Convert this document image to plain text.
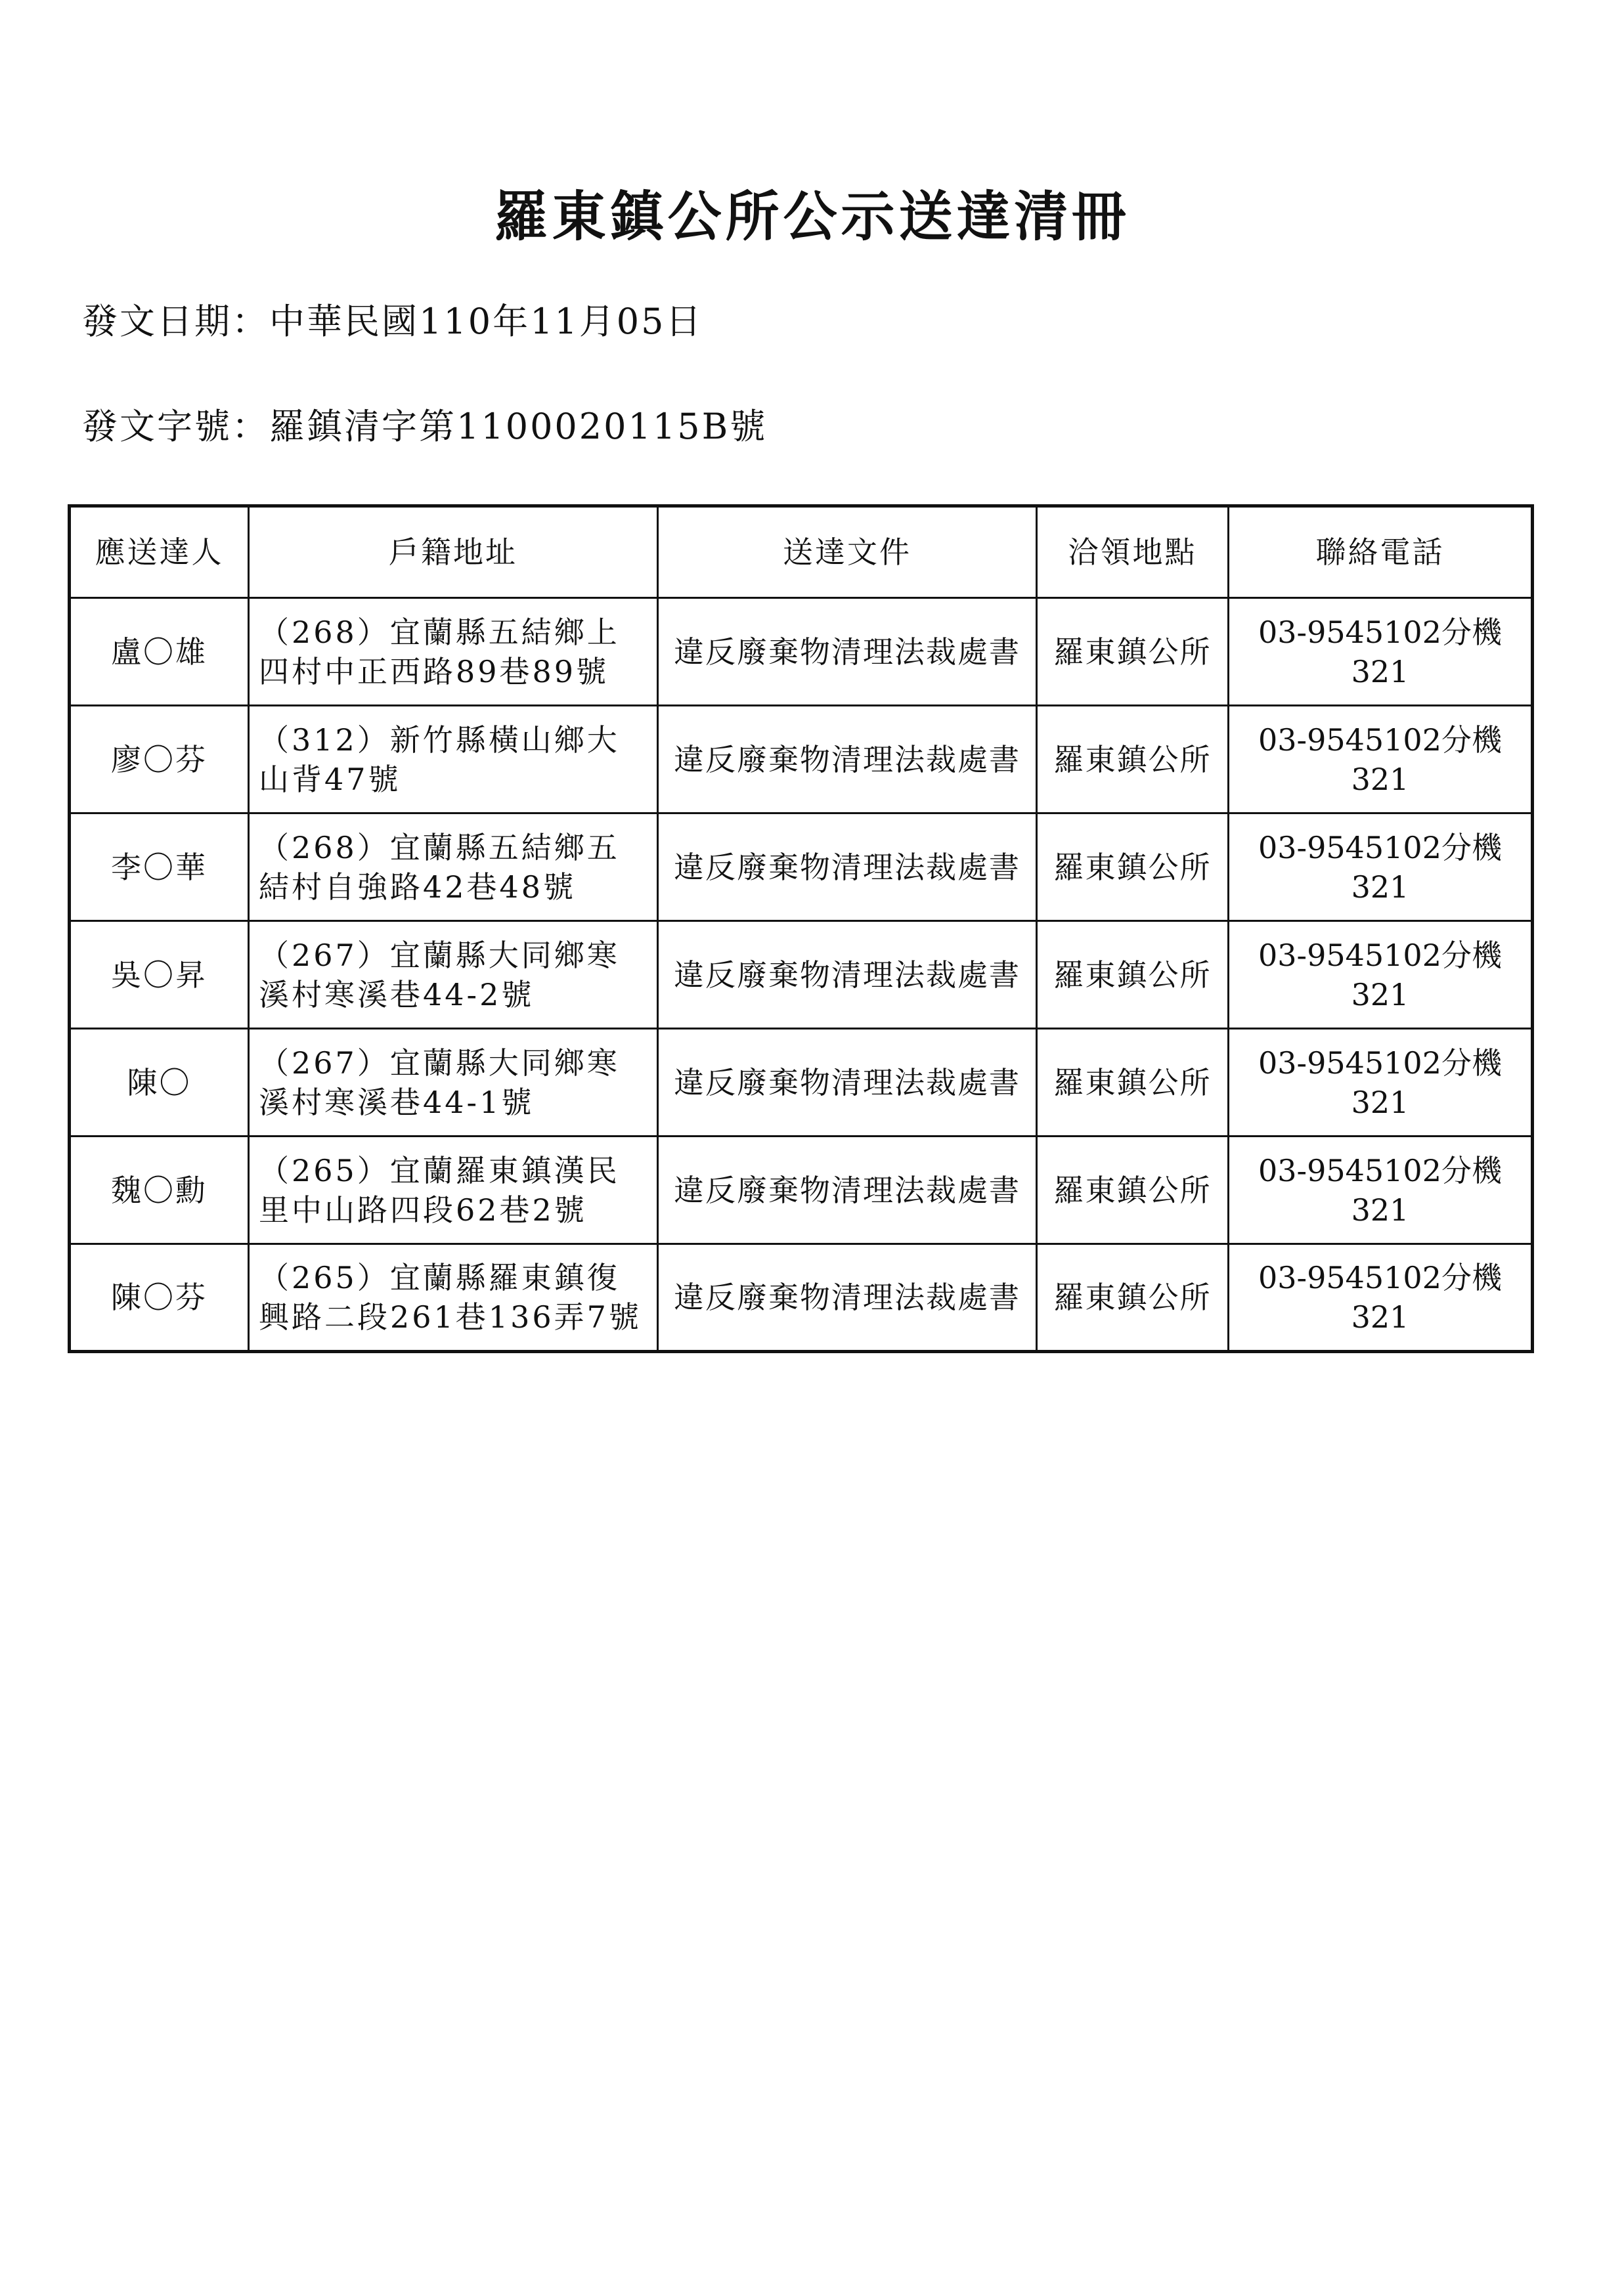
羅東鎮公所公示送達清冊
發文日期：中華民國110年11月05日
發文字號：羅鎮清字第1100020115B號
應送達人	戶籍地址	送達文件	洽領地點	聯絡電話
盧〇雄	（268）宜蘭縣五結鄉上四村中正西路89巷89號	違反廢棄物清理法裁處書	羅東鎮公所	03-9545102分機321
廖〇芬	（312）新竹縣橫山鄉大山背47號	違反廢棄物清理法裁處書	羅東鎮公所	03-9545102分機321
李〇華	（268）宜蘭縣五結鄉五結村自強路42巷48號	違反廢棄物清理法裁處書	羅東鎮公所	03-9545102分機321
吳〇昇	（267）宜蘭縣大同鄉寒溪村寒溪巷44-2號	違反廢棄物清理法裁處書	羅東鎮公所	03-9545102分機321
陳〇	（267）宜蘭縣大同鄉寒溪村寒溪巷44-1號	違反廢棄物清理法裁處書	羅東鎮公所	03-9545102分機321
魏〇勳	（265）宜蘭羅東鎮漢民里中山路四段62巷2號	違反廢棄物清理法裁處書	羅東鎮公所	03-9545102分機321
陳〇芬	（265）宜蘭縣羅東鎮復興路二段261巷136弄7號	違反廢棄物清理法裁處書	羅東鎮公所	03-9545102分機321
